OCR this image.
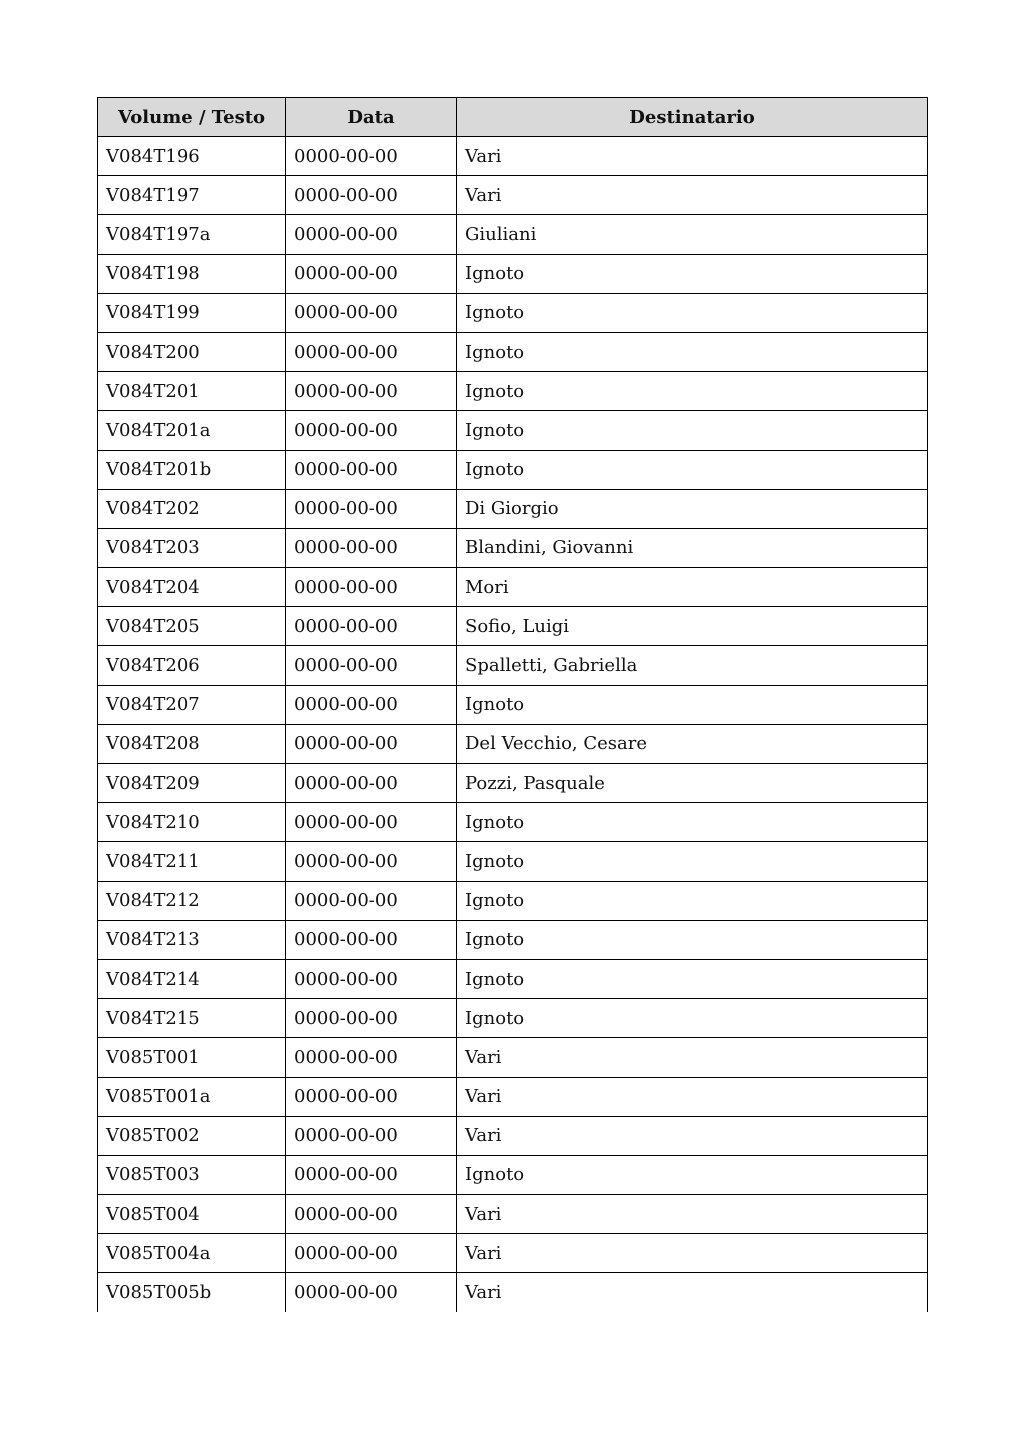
Volume / Testo	Data	Destinatario
V084T196	0000-00-00	Vari
V084T197	0000-00-00	Vari
V084T197a	0000-00-00	Giuliani
V084T198	0000-00-00	Ignoto
V084T199	0000-00-00	Ignoto
V084T200	0000-00-00	Ignoto
V084T201	0000-00-00	Ignoto
V084T201a	0000-00-00	Ignoto
V084T201b	0000-00-00	Ignoto
V084T202	0000-00-00	Di Giorgio
V084T203	0000-00-00	Blandini, Giovanni
V084T204	0000-00-00	Mori
V084T205	0000-00-00	Sofio, Luigi
V084T206	0000-00-00	Spalletti, Gabriella
V084T207	0000-00-00	Ignoto
V084T208	0000-00-00	Del Vecchio, Cesare
V084T209	0000-00-00	Pozzi, Pasquale
V084T210	0000-00-00	Ignoto
V084T211	0000-00-00	Ignoto
V084T212	0000-00-00	Ignoto
V084T213	0000-00-00	Ignoto
V084T214	0000-00-00	Ignoto
V084T215	0000-00-00	Ignoto
V085T001	0000-00-00	Vari
V085T001a	0000-00-00	Vari
V085T002	0000-00-00	Vari
V085T003	0000-00-00	Ignoto
V085T004	0000-00-00	Vari
V085T004a	0000-00-00	Vari
V085T005b	0000-00-00	Vari
